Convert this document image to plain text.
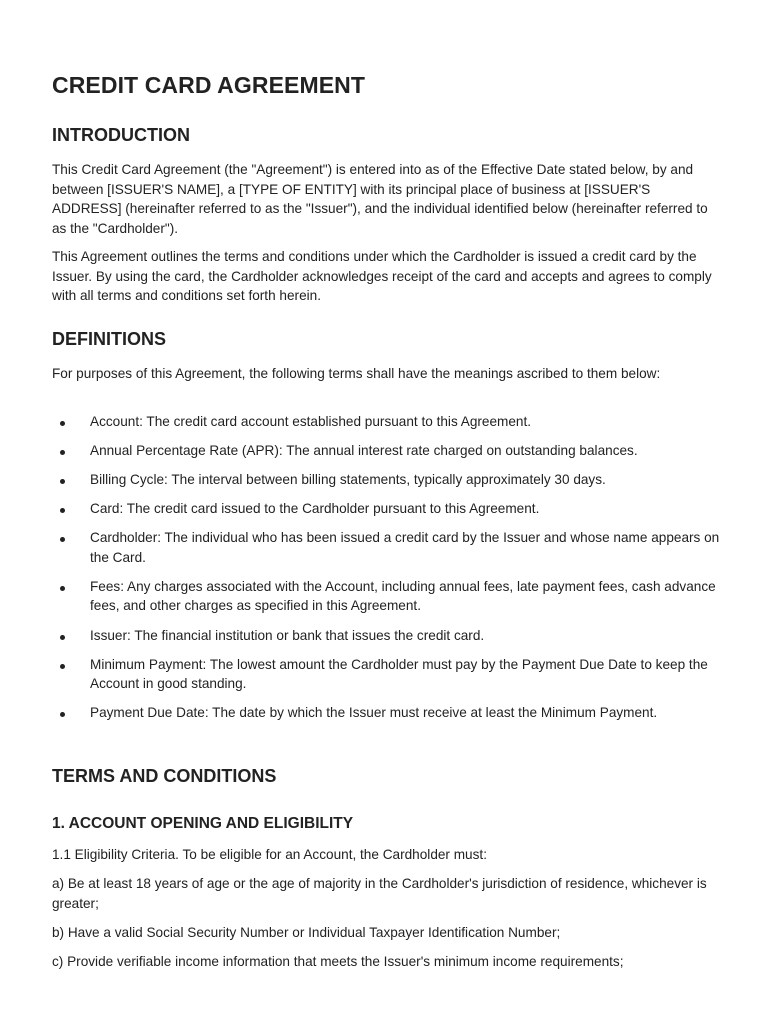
CREDIT CARD AGREEMENT
INTRODUCTION

This Credit Card Agreement (the "Agreement") is entered into as of the Effective Date stated below, by and between [ISSUER'S NAME], a [TYPE OF ENTITY] with its principal place of business at [ISSUER'S ADDRESS] (hereinafter referred to as the "Issuer"), and the individual identified below (hereinafter referred to as the "Cardholder").

This Agreement outlines the terms and conditions under which the Cardholder is issued a credit card by the Issuer. By using the card, the Cardholder acknowledges receipt of the card and accepts and agrees to comply with all terms and conditions set forth herein.

DEFINITIONS

For purposes of this Agreement, the following terms shall have the meanings ascribed to them below:

Account: The credit card account established pursuant to this Agreement.
Annual Percentage Rate (APR): The annual interest rate charged on outstanding balances.
Billing Cycle: The interval between billing statements, typically approximately 30 days.
Card: The credit card issued to the Cardholder pursuant to this Agreement.
Cardholder: The individual who has been issued a credit card by the Issuer and whose name appears on the Card.
Fees: Any charges associated with the Account, including annual fees, late payment fees, cash advance fees, and other charges as specified in this Agreement.
Issuer: The financial institution or bank that issues the credit card.
Minimum Payment: The lowest amount the Cardholder must pay by the Payment Due Date to keep the Account in good standing.
Payment Due Date: The date by which the Issuer must receive at least the Minimum Payment.
TERMS AND CONDITIONS
1. ACCOUNT OPENING AND ELIGIBILITY

1.1 Eligibility Criteria. To be eligible for an Account, the Cardholder must:

a) Be at least 18 years of age or the age of majority in the Cardholder's jurisdiction of residence, whichever is greater;

b) Have a valid Social Security Number or Individual Taxpayer Identification Number;

c) Provide verifiable income information that meets the Issuer's minimum income requirements;
